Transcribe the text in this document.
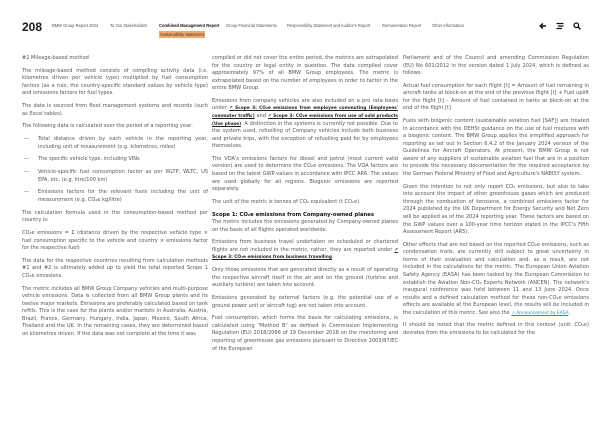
208 BMW Group Report 2024	To Our Stakeholders	Combined Management Report Group Financial Statements	Responsibility Statement and Auditor's Report	Remuneration Report	Other Information
Sustainability Statement

#2 Mileage-based method

The mileage-based method consists of compiling activity data (i.e. kilometres driven per vehicle type) multiplied by fuel consumption factors (as a rule, the country-specific standard values by vehicle type) and emissions factors for fuel types.

The data is sourced from fleet management systems and records (such as Excel tables).

The following data is calculated over the period of a reporting year:

—	Total distance driven by each vehicle in the reporting year, including unit of measurement (e.g. kilometres, miles)
—	The specific vehicle type, including VINs
—	Vehicle-specific fuel consumption factor as per WLTP, WLTC, US EPA, etc. (e.g. litre/100 km)
—	Emissions factors for the relevant fuels including the unit of measurement (e.g. CO₂e kg/litre)

The calculation formula used in the consumption-based method per country is:

CO₂e emissions = Σ (distance driven by the respective vehicle type × fuel consumption specific to the vehicle and country × emissions factor for the respective fuel)

The data for the respective countries resulting from calculation methods #1 and #2 is ultimately added up to yield the total reported Scope 1 CO₂e emissions.

The metric includes all BMW Group Company vehicles and multi-purpose vehicle emissions. Data is collected from all BMW Group plants and its twelve major markets. Emissions are preferably calculated based on tank refills. This is the case for the plants and/or markets in Australia, Austria, Brazil, France, Germany, Hungary, India, Japan, Mexico, South Africa, Thailand and the UK. In the remaining cases, they are determined based on kilometres driven. If the data was not complete at the time it was

compiled or did not cover the entire period, the metrics are extrapolated for the country or legal entity in question. The data compiled cover approximately 97% of all BMW Group employees. The metric is extrapolated based on the number of employees in order to factor in the entire BMW Group.

Emissions from company vehicles are also included on a pro rata basis under ↗ Scope 3: CO₂e emissions from employee commuting (Employees' commuter traffic) and ↗ Scope 3: CO₂e emissions from use of sold products (Use phase). A distinction in the systems is currently not possible. Due to the system used, refuelling of Company vehicles include both business and private trips, with the exception of refuelling paid for by employees themselves.

The VDA's emissions factors for diesel and petrol (most current valid version) are used to determine the CO₂e emissions. The VDA factors are based on the latest GWP values in accordance with IPCC AR6. The values are used globally for all regions. Biogenic emissions are reported separately.

The unit of the metric is tonnes of CO₂ equivalent (t CO₂e).

Scope 1: CO₂e emissions from Company-owned planes

The metric includes the emissions generated by Company-owned planes on the basis of all flights operated worldwide.

Emissions from business travel undertaken on scheduled or chartered flights are not included in the metric, rather, they are reported under ↗ Scope 3: CO₂e emissions from business travelling.

Only those emissions that are generated directly as a result of operating the respective aircraft itself in the air and on the ground (turbine and auxiliary turbine) are taken into account.

Emissions generated by external factors (e.g. the potential use of a ground power unit or aircraft tug) are not taken into account.

Fuel consumption, which forms the basis for calculating emissions, is calculated using "Method B" as defined in Commission Implementing Regulation (EU) 2018/2066 of 19 December 2018 on the monitoring and reporting of greenhouse gas emissions pursuant to Directive 2003/87/EC of the European

Parliament and of the Council and amending Commission Regulation (EU) No 601/2012 in the version dated 1 July 2024, which is defined as follows:

Actual fuel consumption for each flight [t] = Amount of fuel remaining in aircraft tanks at block-on at the end of the previous flight [t] + Fuel uplift for the flight [t] – Amount of fuel contained in tanks at block-on at the end of the flight [t]

Fuels with biogenic content (sustainable aviation fuel [SAF]) are treated in accordance with the DEHSt guidance on the use of fuel mixtures with a biogenic content. The BMW Group applies the simplified approach for reporting as set out in Section 6.4.2 of the January 2024 version of the Guidelines for Aircraft Operators. At present, the BMW Group is not aware of any suppliers of sustainable aviation fuel that are in a position to provide the necessary documentation for the required acceptance by the German Federal Ministry of Food and Agriculture's NABISY system.

Given the intention to not only report CO₂ emissions, but also to take into account the impact of other greenhouse gases which are produced through the combustion of kerosene, a combined emissions factor for 2024 published by the UK Department for Energy Security and Net Zero will be applied as of the 2024 reporting year. These factors are based on the GWP values over a 100-year time horizon stated in the IPCC's Fifth Assessment Report (AR5).

Other effects that are not based on the reported CO₂e emissions, such as condensation trails, are currently still subject to great uncertainty in terms of their evaluation and calculation and, as a result, are not included in the calculations for the metric. The European Union Aviation Safety Agency (EASA) has been tasked by the European Commission to establish the Aviation Non-CO₂ Experts Network (ANCEN). The network's inaugural conference was held between 11 and 13 June 2024. Once results and a defined calculation method for these non-CO₂e emissions effects are available at the European level, the results will be included in the calculation of this metric. See also the ↗ Announcement by EASA.

It should be noted that the metric defined in this context (unit: CO₂e) deviates from the emissions to be calculated for the
